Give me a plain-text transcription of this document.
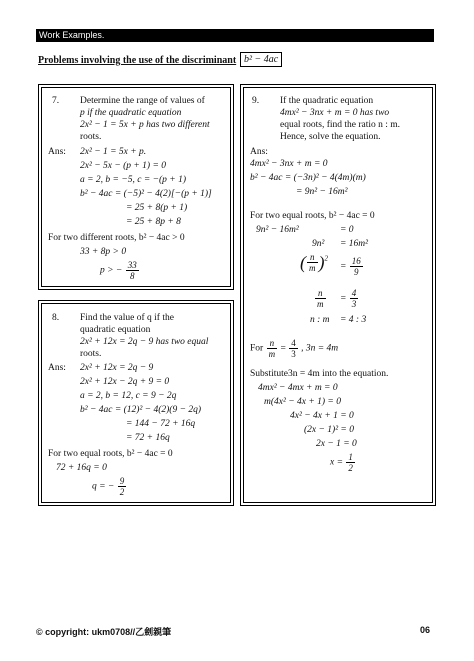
Work Examples.
Problems involving the use of the discriminant b² − 4ac
7. Determine the range of values of
p if the quadratic equation
2x² − 1 = 5x + p has two different
roots.
Ans: 2x² − 1 = 5x + p.
2x² − 5x − (p + 1) = 0
a = 2, b = −5, c = −(p + 1)
b² − 4ac = (−5)² − 4(2)[−(p + 1)]
= 25 + 8(p + 1)
= 25 + 8p + 8
For two different roots, b² − 4ac > 0
33 + 8p > 0
p > − $\frac{33}{8}$
8. Find the value of q if the
quadratic equation
2x² + 12x = 2q − 9 has two equal
roots.
Ans: 2x² + 12x = 2q − 9
2x² + 12x − 2q + 9 = 0
a = 2, b = 12, c = 9 − 2q
b² − 4ac = (12)² − 4(2)(9 − 2q)
= 144 − 72 + 16q
= 72 + 16q
For two equal roots, b² − 4ac = 0
72 + 16q = 0
q = − $\frac{9}{2}$
9. If the quadratic equation
4mx² − 3nx + m = 0 has two
equal roots, find the ratio n : m.
Hence, solve the equation.
Ans:
4mx² − 3nx + m = 0
b² − 4ac = (−3n)² − 4(4m)(m)
= 9n² − 16m²
For two equal roots, b² − 4ac = 0
9n² − 16m²	= 0
9n² = 16m²
( $\frac{n}{m} )^2$
= $\frac{16}{9}$
$\frac{n}{m} = \frac{4}{3}$
n : m = 4 : 3
For $\frac{n}{m} = \frac{4}{3}$ , 3n = 4m
Substitute3n = 4m into the equation.
4mx² − 4mx + m = 0
m(4x² − 4x + 1) = 0
4x² − 4x + 1 = 0
(2x − 1)² = 0
2x − 1 = 0
$x = \frac{1}{2}$
© copyright: ukm0708//乙劍親筆	06
